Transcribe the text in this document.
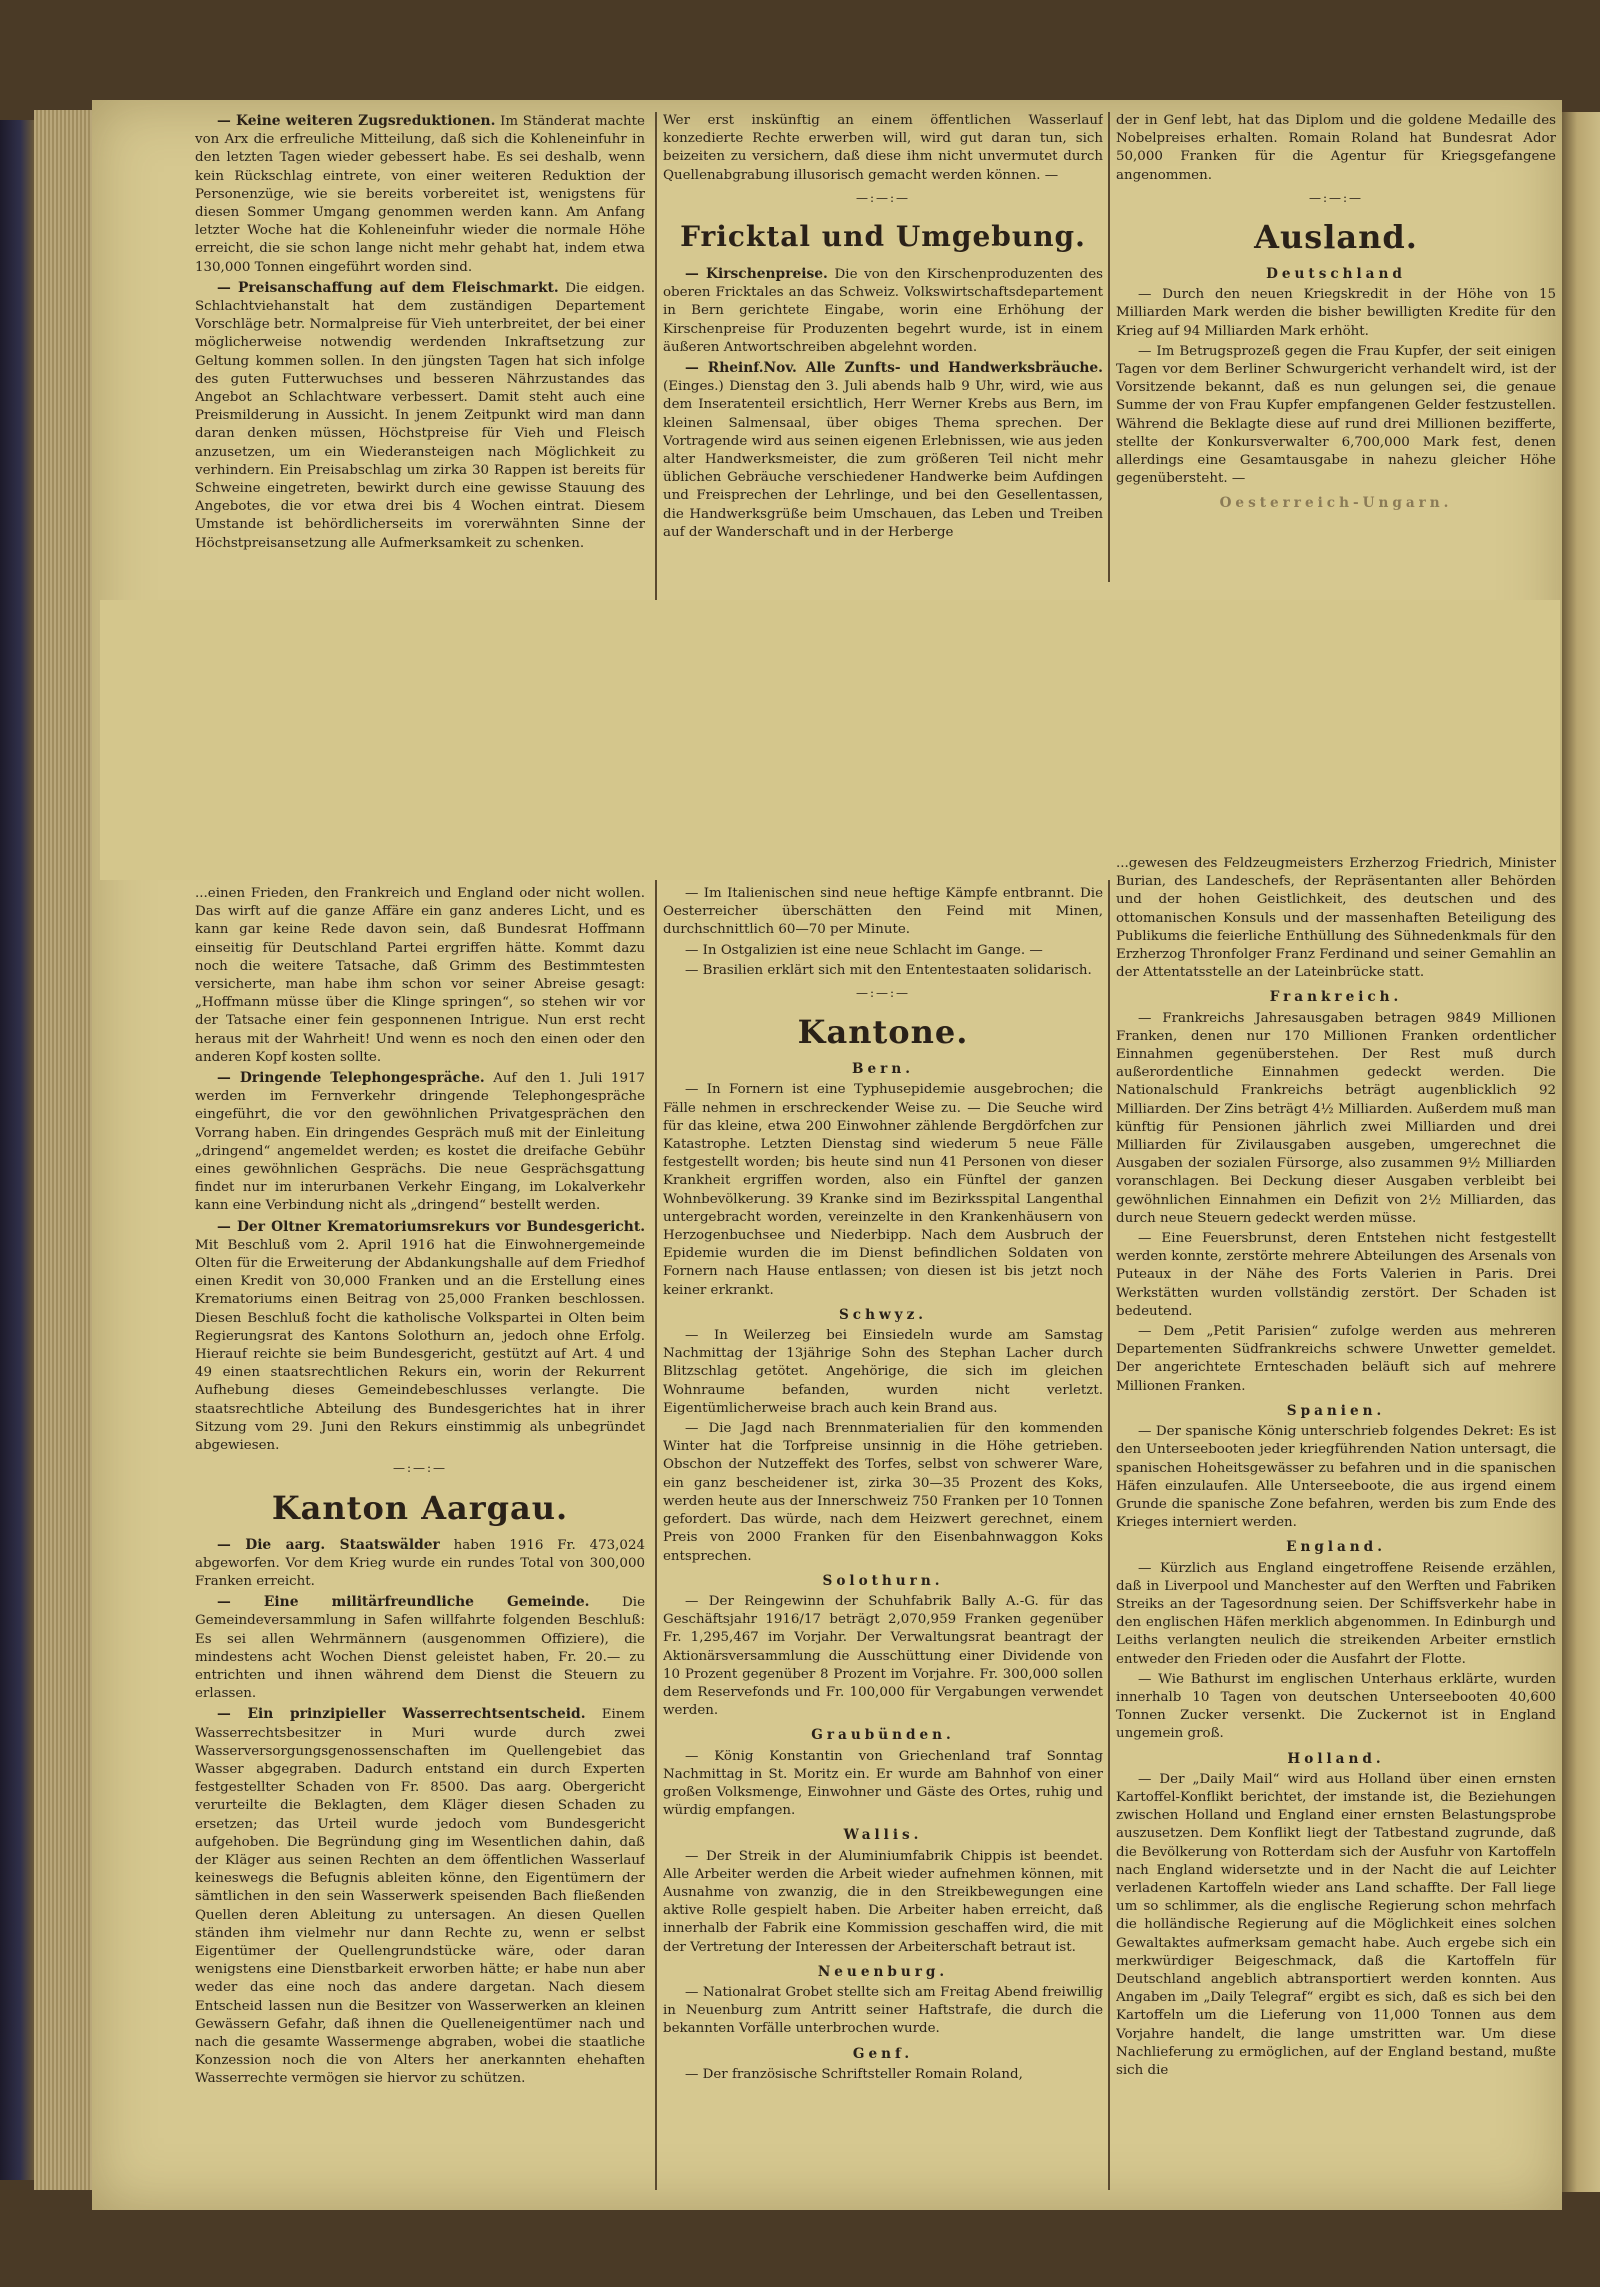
— Keine weiteren Zugsreduktionen. Im Ständerat machte von Arx die erfreuliche Mitteilung, daß sich die Kohleneinfuhr in den letzten Tagen wieder gebessert habe. Es sei deshalb, wenn kein Rückschlag eintrete, von einer weiteren Reduktion der Personenzüge, wie sie bereits vorbereitet ist, wenigstens für diesen Sommer Umgang genommen werden kann. Am Anfang letzter Woche hat die Kohleneinfuhr wieder die normale Höhe erreicht, die sie schon lange nicht mehr gehabt hat, indem etwa 130,000 Tonnen eingeführt worden sind.

— Preisanschaffung auf dem Fleischmarkt. Die eidgen. Schlachtviehanstalt hat dem zuständigen Departement Vorschläge betr. Normalpreise für Vieh unterbreitet, der bei einer möglicherweise notwendig werdenden Inkraftsetzung zur Geltung kommen sollen. In den jüngsten Tagen hat sich infolge des guten Futterwuchses und besseren Nährzustandes das Angebot an Schlachtware verbessert. Damit steht auch eine Preismilderung in Aussicht. In jenem Zeitpunkt wird man dann daran denken müssen, Höchstpreise für Vieh und Fleisch anzusetzen, um ein Wiederansteigen nach Möglichkeit zu verhindern. Ein Preisabschlag um zirka 30 Rappen ist bereits für Schweine eingetreten, bewirkt durch eine gewisse Stauung des Angebotes, die vor etwa drei bis 4 Wochen eintrat. Diesem Umstande ist behördlicherseits im vorerwähnten Sinne der Höchstpreisansetzung alle Aufmerksamkeit zu schenken.

Wer erst inskünftig an einem öffentlichen Wasserlauf konzedierte Rechte erwerben will, wird gut daran tun, sich beizeiten zu versichern, daß diese ihm nicht unvermutet durch Quellenabgrabung illusorisch gemacht werden können. —

—:—:—
Fricktal und Umgebung.

— Kirschenpreise. Die von den Kirschenproduzenten des oberen Fricktales an das Schweiz. Volkswirtschaftsdepartement in Bern gerichtete Eingabe, worin eine Erhöhung der Kirschenpreise für Produzenten begehrt wurde, ist in einem äußeren Antwortschreiben abgelehnt worden.

— Rheinf.Nov. Alle Zunfts- und Handwerksbräuche. (Einges.) Dienstag den 3. Juli abends halb 9 Uhr, wird, wie aus dem Inseratenteil ersichtlich, Herr Werner Krebs aus Bern, im kleinen Salmensaal, über obiges Thema sprechen. Der Vortragende wird aus seinen eigenen Erlebnissen, wie aus jeden alter Handwerksmeister, die zum größeren Teil nicht mehr üblichen Gebräuche verschiedener Handwerke beim Aufdingen und Freisprechen der Lehrlinge, und bei den Gesellentassen, die Handwerksgrüße beim Umschauen, das Leben und Treiben auf der Wanderschaft und in der Herberge

der in Genf lebt, hat das Diplom und die goldene Medaille des Nobelpreises erhalten. Romain Roland hat Bundesrat Ador 50,000 Franken für die Agentur für Kriegsgefangene angenommen.

—:—:—
Ausland.
Deutschland

— Durch den neuen Kriegskredit in der Höhe von 15 Milliarden Mark werden die bisher bewilligten Kredite für den Krieg auf 94 Milliarden Mark erhöht.

— Im Betrugsprozeß gegen die Frau Kupfer, der seit einigen Tagen vor dem Berliner Schwurgericht verhandelt wird, ist der Vorsitzende bekannt, daß es nun gelungen sei, die genaue Summe der von Frau Kupfer empfangenen Gelder festzustellen. Während die Beklagte diese auf rund drei Millionen bezifferte, stellte der Konkursverwalter 6,700,000 Mark fest, denen allerdings eine Gesamtausgabe in nahezu gleicher Höhe gegenübersteht. —

Oesterreich-Ungarn.

...einen Frieden, den Frankreich und England oder nicht wollen. Das wirft auf die ganze Affäre ein ganz anderes Licht, und es kann gar keine Rede davon sein, daß Bundesrat Hoffmann einseitig für Deutschland Partei ergriffen hätte. Kommt dazu noch die weitere Tatsache, daß Grimm des Bestimmtesten versicherte, man habe ihm schon vor seiner Abreise gesagt: „Hoffmann müsse über die Klinge springen“, so stehen wir vor der Tatsache einer fein gesponnenen Intrigue. Nun erst recht heraus mit der Wahrheit! Und wenn es noch den einen oder den anderen Kopf kosten sollte.

— Dringende Telephongespräche. Auf den 1. Juli 1917 werden im Fernverkehr dringende Telephongespräche eingeführt, die vor den gewöhnlichen Privatgesprächen den Vorrang haben. Ein dringendes Gespräch muß mit der Einleitung „dringend“ angemeldet werden; es kostet die dreifache Gebühr eines gewöhnlichen Gesprächs. Die neue Gesprächsgattung findet nur im interurbanen Verkehr Eingang, im Lokalverkehr kann eine Verbindung nicht als „dringend“ bestellt werden.

— Der Oltner Krematoriumsrekurs vor Bundesgericht. Mit Beschluß vom 2. April 1916 hat die Einwohnergemeinde Olten für die Erweiterung der Abdankungshalle auf dem Friedhof einen Kredit von 30,000 Franken und an die Erstellung eines Krematoriums einen Beitrag von 25,000 Franken beschlossen. Diesen Beschluß focht die katholische Volkspartei in Olten beim Regierungsrat des Kantons Solothurn an, jedoch ohne Erfolg. Hierauf reichte sie beim Bundesgericht, gestützt auf Art. 4 und 49 einen staatsrechtlichen Rekurs ein, worin der Rekurrent Aufhebung dieses Gemeindebeschlusses verlangte. Die staatsrechtliche Abteilung des Bundesgerichtes hat in ihrer Sitzung vom 29. Juni den Rekurs einstimmig als unbegründet abgewiesen.

—:—:—
Kanton Aargau.

— Die aarg. Staatswälder haben 1916 Fr. 473,024 abgeworfen. Vor dem Krieg wurde ein rundes Total von 300,000 Franken erreicht.

— Eine militärfreundliche Gemeinde. Die Gemeindeversammlung in Safen willfahrte folgenden Beschluß: Es sei allen Wehrmännern (ausgenommen Offiziere), die mindestens acht Wochen Dienst geleistet haben, Fr. 20.— zu entrichten und ihnen während dem Dienst die Steuern zu erlassen.

— Ein prinzipieller Wasserrechtsentscheid. Einem Wasserrechtsbesitzer in Muri wurde durch zwei Wasserversorgungsgenossenschaften im Quellengebiet das Wasser abgegraben. Dadurch entstand ein durch Experten festgestellter Schaden von Fr. 8500. Das aarg. Obergericht verurteilte die Beklagten, dem Kläger diesen Schaden zu ersetzen; das Urteil wurde jedoch vom Bundesgericht aufgehoben. Die Begründung ging im Wesentlichen dahin, daß der Kläger aus seinen Rechten an dem öffentlichen Wasserlauf keineswegs die Befugnis ableiten könne, den Eigentümern der sämtlichen in den sein Wasserwerk speisenden Bach fließenden Quellen deren Ableitung zu untersagen. An diesen Quellen ständen ihm vielmehr nur dann Rechte zu, wenn er selbst Eigentümer der Quellengrundstücke wäre, oder daran wenigstens eine Dienstbarkeit erworben hätte; er habe nun aber weder das eine noch das andere dargetan. Nach diesem Entscheid lassen nun die Besitzer von Wasserwerken an kleinen Gewässern Gefahr, daß ihnen die Quelleneigentümer nach und nach die gesamte Wassermenge abgraben, wobei die staatliche Konzession noch die von Alters her anerkannten ehehaften Wasserrechte vermögen sie hiervor zu schützen.

— Im Italienischen sind neue heftige Kämpfe entbrannt. Die Oesterreicher überschätten den Feind mit Minen, durchschnittlich 60—70 per Minute.

— In Ostgalizien ist eine neue Schlacht im Gange. —

— Brasilien erklärt sich mit den Ententestaaten solidarisch.

—:—:—
Kantone.
Bern.

— In Fornern ist eine Typhusepidemie ausgebrochen; die Fälle nehmen in erschreckender Weise zu. — Die Seuche wird für das kleine, etwa 200 Einwohner zählende Bergdörfchen zur Katastrophe. Letzten Dienstag sind wiederum 5 neue Fälle festgestellt worden; bis heute sind nun 41 Personen von dieser Krankheit ergriffen worden, also ein Fünftel der ganzen Wohnbevölkerung. 39 Kranke sind im Bezirksspital Langenthal untergebracht worden, vereinzelte in den Krankenhäusern von Herzogenbuchsee und Niederbipp. Nach dem Ausbruch der Epidemie wurden die im Dienst befindlichen Soldaten von Fornern nach Hause entlassen; von diesen ist bis jetzt noch keiner erkrankt.

Schwyz.

— In Weilerzeg bei Einsiedeln wurde am Samstag Nachmittag der 13jährige Sohn des Stephan Lacher durch Blitzschlag getötet. Angehörige, die sich im gleichen Wohnraume befanden, wurden nicht verletzt. Eigentümlicherweise brach auch kein Brand aus.

— Die Jagd nach Brennmaterialien für den kommenden Winter hat die Torfpreise unsinnig in die Höhe getrieben. Obschon der Nutzeffekt des Torfes, selbst von schwerer Ware, ein ganz bescheidener ist, zirka 30—35 Prozent des Koks, werden heute aus der Innerschweiz 750 Franken per 10 Tonnen gefordert. Das würde, nach dem Heizwert gerechnet, einem Preis von 2000 Franken für den Eisenbahnwaggon Koks entsprechen.

Solothurn.

— Der Reingewinn der Schuhfabrik Bally A.-G. für das Geschäftsjahr 1916/17 beträgt 2,070,959 Franken gegenüber Fr. 1,295,467 im Vorjahr. Der Verwaltungsrat beantragt der Aktionärsversammlung die Ausschüttung einer Dividende von 10 Prozent gegenüber 8 Prozent im Vorjahre. Fr. 300,000 sollen dem Reservefonds und Fr. 100,000 für Vergabungen verwendet werden.

Graubünden.

— König Konstantin von Griechenland traf Sonntag Nachmittag in St. Moritz ein. Er wurde am Bahnhof von einer großen Volksmenge, Einwohner und Gäste des Ortes, ruhig und würdig empfangen.

Wallis.

— Der Streik in der Aluminiumfabrik Chippis ist beendet. Alle Arbeiter werden die Arbeit wieder aufnehmen können, mit Ausnahme von zwanzig, die in den Streikbewegungen eine aktive Rolle gespielt haben. Die Arbeiter haben erreicht, daß innerhalb der Fabrik eine Kommission geschaffen wird, die mit der Vertretung der Interessen der Arbeiterschaft betraut ist.

Neuenburg.

— Nationalrat Grobet stellte sich am Freitag Abend freiwillig in Neuenburg zum Antritt seiner Haftstrafe, die durch die bekannten Vorfälle unterbrochen wurde.

Genf.

— Der französische Schriftsteller Romain Roland,

...gewesen des Feldzeugmeisters Erzherzog Friedrich, Minister Burian, des Landeschefs, der Repräsentanten aller Behörden und der hohen Geistlichkeit, des deutschen und des ottomanischen Konsuls und der massenhaften Beteiligung des Publikums die feierliche Enthüllung des Sühnedenkmals für den Erzherzog Thronfolger Franz Ferdinand und seiner Gemahlin an der Attentatsstelle an der Lateinbrücke statt.

Frankreich.

— Frankreichs Jahresausgaben betragen 9849 Millionen Franken, denen nur 170 Millionen Franken ordentlicher Einnahmen gegenüberstehen. Der Rest muß durch außerordentliche Einnahmen gedeckt werden. Die Nationalschuld Frankreichs beträgt augenblicklich 92 Milliarden. Der Zins beträgt 4½ Milliarden. Außerdem muß man künftig für Pensionen jährlich zwei Milliarden und drei Milliarden für Zivilausgaben ausgeben, umgerechnet die Ausgaben der sozialen Fürsorge, also zusammen 9½ Milliarden voranschlagen. Bei Deckung dieser Ausgaben verbleibt bei gewöhnlichen Einnahmen ein Defizit von 2½ Milliarden, das durch neue Steuern gedeckt werden müsse.

— Eine Feuersbrunst, deren Entstehen nicht festgestellt werden konnte, zerstörte mehrere Abteilungen des Arsenals von Puteaux in der Nähe des Forts Valerien in Paris. Drei Werkstätten wurden vollständig zerstört. Der Schaden ist bedeutend.

— Dem „Petit Parisien“ zufolge werden aus mehreren Departementen Südfrankreichs schwere Unwetter gemeldet. Der angerichtete Ernteschaden beläuft sich auf mehrere Millionen Franken.

Spanien.

— Der spanische König unterschrieb folgendes Dekret: Es ist den Unterseebooten jeder kriegführenden Nation untersagt, die spanischen Hoheitsgewässer zu befahren und in die spanischen Häfen einzulaufen. Alle Unterseeboote, die aus irgend einem Grunde die spanische Zone befahren, werden bis zum Ende des Krieges interniert werden.

England.

— Kürzlich aus England eingetroffene Reisende erzählen, daß in Liverpool und Manchester auf den Werften und Fabriken Streiks an der Tagesordnung seien. Der Schiffsverkehr habe in den englischen Häfen merklich abgenommen. In Edinburgh und Leiths verlangten neulich die streikenden Arbeiter ernstlich entweder den Frieden oder die Ausfahrt der Flotte.

— Wie Bathurst im englischen Unterhaus erklärte, wurden innerhalb 10 Tagen von deutschen Unterseebooten 40,600 Tonnen Zucker versenkt. Die Zuckernot ist in England ungemein groß.

Holland.

— Der „Daily Mail“ wird aus Holland über einen ernsten Kartoffel-Konflikt berichtet, der imstande ist, die Beziehungen zwischen Holland und England einer ernsten Belastungsprobe auszusetzen. Dem Konflikt liegt der Tatbestand zugrunde, daß die Bevölkerung von Rotterdam sich der Ausfuhr von Kartoffeln nach England widersetzte und in der Nacht die auf Leichter verladenen Kartoffeln wieder ans Land schaffte. Der Fall liege um so schlimmer, als die englische Regierung schon mehrfach die holländische Regierung auf die Möglichkeit eines solchen Gewaltaktes aufmerksam gemacht habe. Auch ergebe sich ein merkwürdiger Beigeschmack, daß die Kartoffeln für Deutschland angeblich abtransportiert werden konnten. Aus Angaben im „Daily Telegraf“ ergibt es sich, daß es sich bei den Kartoffeln um die Lieferung von 11,000 Tonnen aus dem Vorjahre handelt, die lange umstritten war. Um diese Nachlieferung zu ermöglichen, auf der England bestand, mußte sich die
